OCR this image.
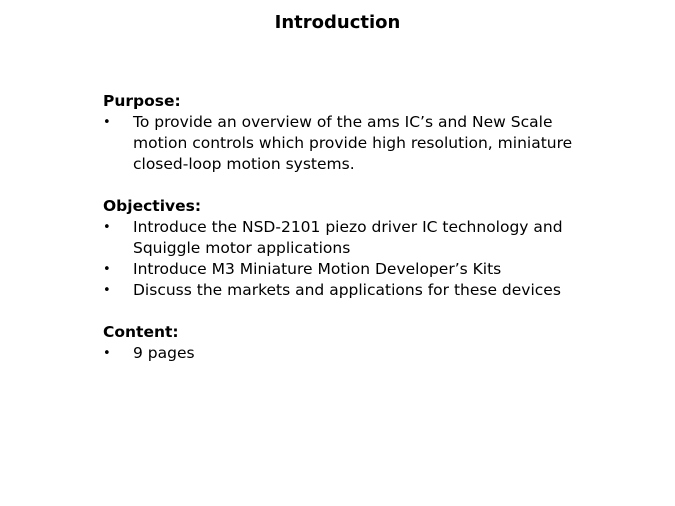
Introduction
Purpose:
• To provide an overview of the ams IC’s and New Scale motion controls which provide high resolution, miniature closed-loop motion systems.
Objectives:
• Introduce the NSD-2101 piezo driver IC technology and Squiggle motor applications
• Introduce M3 Miniature Motion Developer’s Kits
• Discuss the markets and applications for these devices
Content:
• 9 pages
